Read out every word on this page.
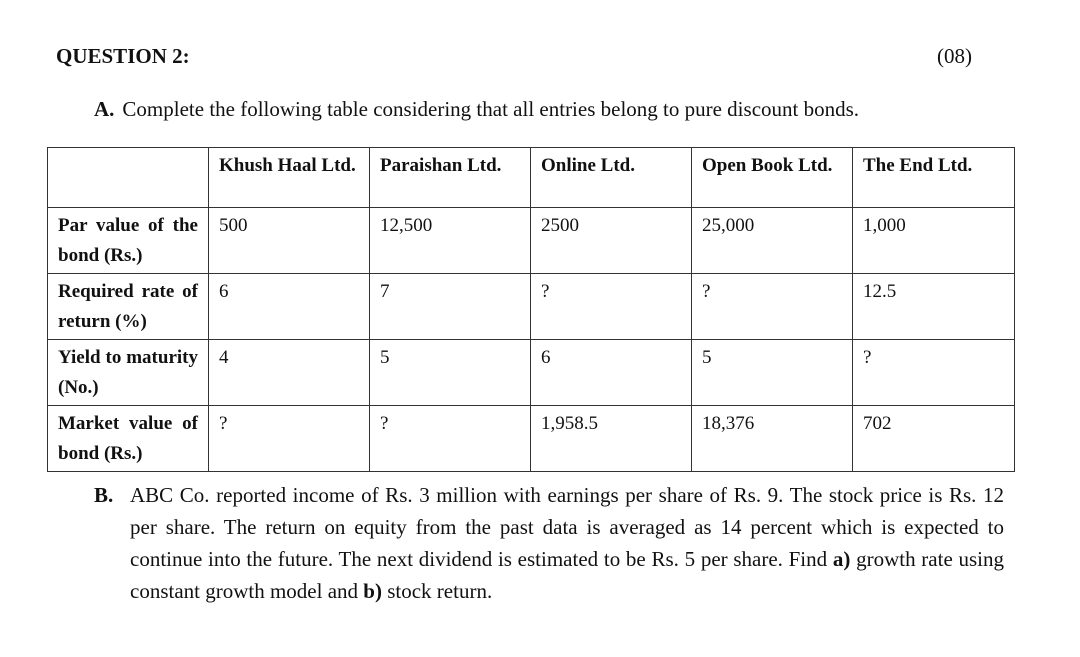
QUESTION 2:	(08)
A. Complete the following table considering that all entries belong to pure discount bonds.
	Khush Haal Ltd.	Paraishan Ltd.	Online Ltd.	Open Book Ltd.	The End Ltd.
Par value of the bond (Rs.)	500	12,500	2500	25,000	1,000
Required rate of return (%)	6	7	?	?	12.5
Yield to maturity (No.)	4	5	6	5	?
Market value of bond (Rs.)	?	?	1,958.5	18,376	702
B. ABC Co. reported income of Rs. 3 million with earnings per share of Rs. 9. The stock price is Rs. 12 per share. The return on equity from the past data is averaged as 14 percent which is expected to continue into the future. The next dividend is estimated to be Rs. 5 per share. Find a) growth rate using constant growth model and b) stock return.
